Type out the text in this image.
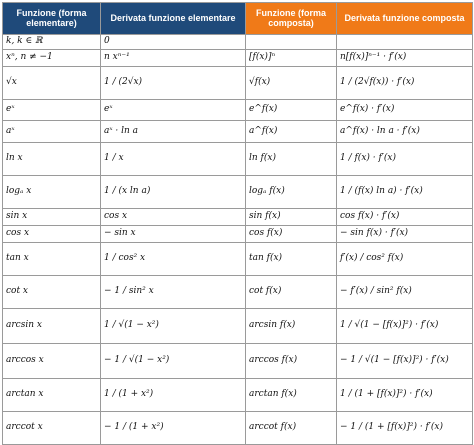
Funzione (forma elementare)	Derivata funzione elementare	Funzione (forma composta)	Derivata funzione composta
k, k ∈ ℝ	0		
xⁿ, n ≠ −1	n xⁿ⁻¹	[f(x)]ⁿ	n[f(x)]ⁿ⁻¹ · f′(x)
√x	1 / (2√x)	√f(x)	1 / (2√f(x)) · f′(x)
eˣ	eˣ	e^f(x)	e^f(x) · f′(x)
aˣ	aˣ · ln a	a^f(x)	a^f(x) · ln a · f′(x)
ln x	1 / x	ln f(x)	1 / f(x) · f′(x)
logₐ x	1 / (x ln a)	logₐ f(x)	1 / (f(x) ln a) · f′(x)
sin x	cos x	sin f(x)	cos f(x) · f′(x)
cos x	− sin x	cos f(x)	− sin f(x) · f′(x)
tan x	1 / cos² x	tan f(x)	f′(x) / cos² f(x)
cot x	− 1 / sin² x	cot f(x)	− f′(x) / sin² f(x)
arcsin x	1 / √(1 − x²)	arcsin f(x)	1 / √(1 − [f(x)]²) · f′(x)
arccos x	− 1 / √(1 − x²)	arccos f(x)	− 1 / √(1 − [f(x)]²) · f′(x)
arctan x	1 / (1 + x²)	arctan f(x)	1 / (1 + [f(x)]²) · f′(x)
arccot x	− 1 / (1 + x²)	arccot f(x)	− 1 / (1 + [f(x)]²) · f′(x)
